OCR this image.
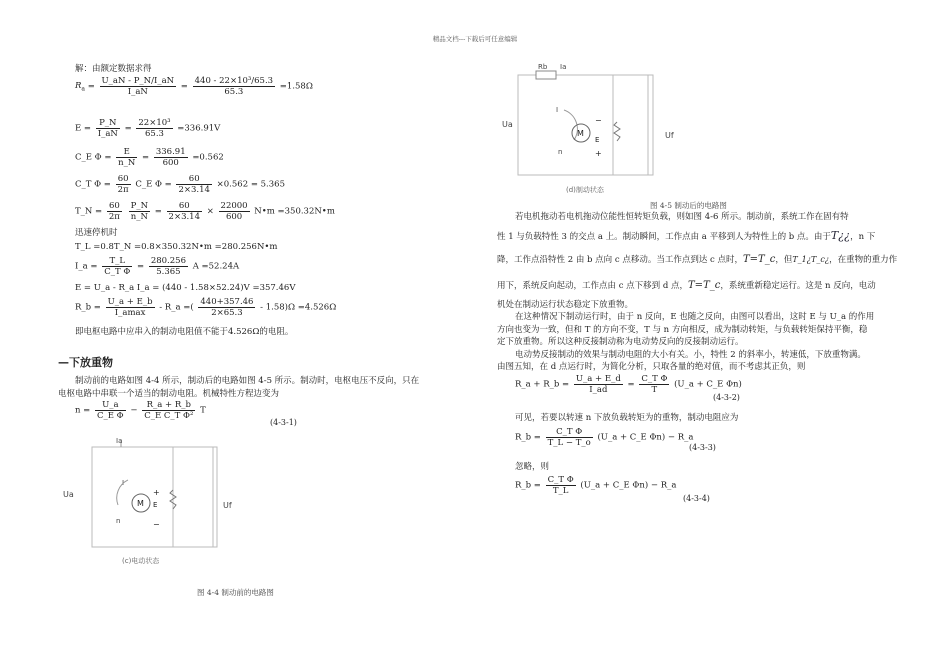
精品文档---下载后可任意编辑
解：由额定数据求得
$R_a = \frac{U\_aN - P\_N/I\_aN}{I\_aN} = \frac{\text{440 - 22×10³/65.3}}{65.3} =1.58\Omega$
$E = \frac{P\_N}{I\_aN} = \frac{\text{22×10³}}{65.3} =336.91V$
C_E $\Phi = \frac{E}{n\_N} = \frac{336.91}{600} =0.562$
C_T $\Phi = \frac{60}{2\pi}$ C_E $\Phi = \frac{60}{2\times 3.14} \times 0.562 = 5.365$
T_N = $\frac{60}{2\pi}$
$\frac{P\_N}{n\_N} = \frac{60}{2\times 3.14} \times \frac{22000}{600}$ N•m =350.32N•m
迅速停机时
T_L =0.8T_N =0.8×350.32N•m =280.256N•m
I_a = $\frac{T\_L}{\text{C\_T Φ}} = \frac{280.256}{5.365}$ A =52.24A
E = U_a - R_a I_a = (440 - 1.58×52.24)V =357.46V
R_b = $\frac{U\_a + E\_b}{I\_amax}$ - R_a =( $\frac{440+357.46}{2\times 65.3} - 1.58)\Omega =4.526\Omega$
即电枢电路中应串入的制动电阻值不能于4.526Ω的电阻。
—下放重物
制动前的电路如图 4-4 所示，制动后的电路如图 4-5 所示。制动时，电枢电压不反向，只在
电枢电路中串联一个适当的制动电阻。机械特性方程边变为
$n = \frac{U\_a}{\text{C\_E Φ}} - \frac{R\_a + R\_b}{\text{C\_E C\_T Φ²}}$ T
(4-3-1)
Ia
I
M E
+
−
n
Ua
Uf
(c)电动状态
图 4-4 制动前的电路图
Rb Ia
I
M
E
−
+
n
Ua
Uf
(d)制动状态
图 4-5 制动后的电路图
若电机拖动若电机拖动位能性恒转矩负载，则如图 4-6 所示。制动前，系统工作在固有特
性 1 与负载特性 3 的交点 a 上。制动瞬间，工作点由 a 平移到人为特性上的 b 点。由于T¿¿，n 下
降，工作点沿特性 2 由 b 点向 c 点移动。当工作点到达 c 点时，T=T_c，但T_1¿T_c¿，在重物的重力作
用下，系统反向起动，工作点由 c 点下移到 d 点，T=T_c，系统重新稳定运行。这是 n 反向，电动
机处在制动运行状态稳定下放重物。
在这种情况下制动运行时，由于 n 反向，E 也随之反向，由图可以看出，这时 E 与 U_a 的作用
方向也变为一致，但和 T 的方向不变，T 与 n 方向相反，成为制动转矩，与负载转矩保持平衡，稳
定下放重物。所以这种反接制动称为电动势反向的反接制动运行。
电动势反接制动的效果与制动电阻的大小有关。小，特性 2 的斜率小，转速低，下放重物满。
由图五知，在 d 点运行时，为简化分析，只取各量的绝对值，而不考虑其正负，则
R_a + R_b = $\frac{U\_a + E\_d}{I\_ad} = \frac{\text{C\_T Φ}}{T}$ (U_a + C_E Φn)
(4-3-2)
可见，若要以转速 n 下放负载转矩为的重物，制动电阻应为
R_b = $\frac{\text{C\_T Φ}}{T\_L - T\_o}$ (U_a + C_E Φn) − R_a
(4-3-3)
忽略，则
R_b = $\frac{\text{C\_T Φ}}{T\_L}$ (U_a + C_E Φn) − R_a
(4-3-4)
